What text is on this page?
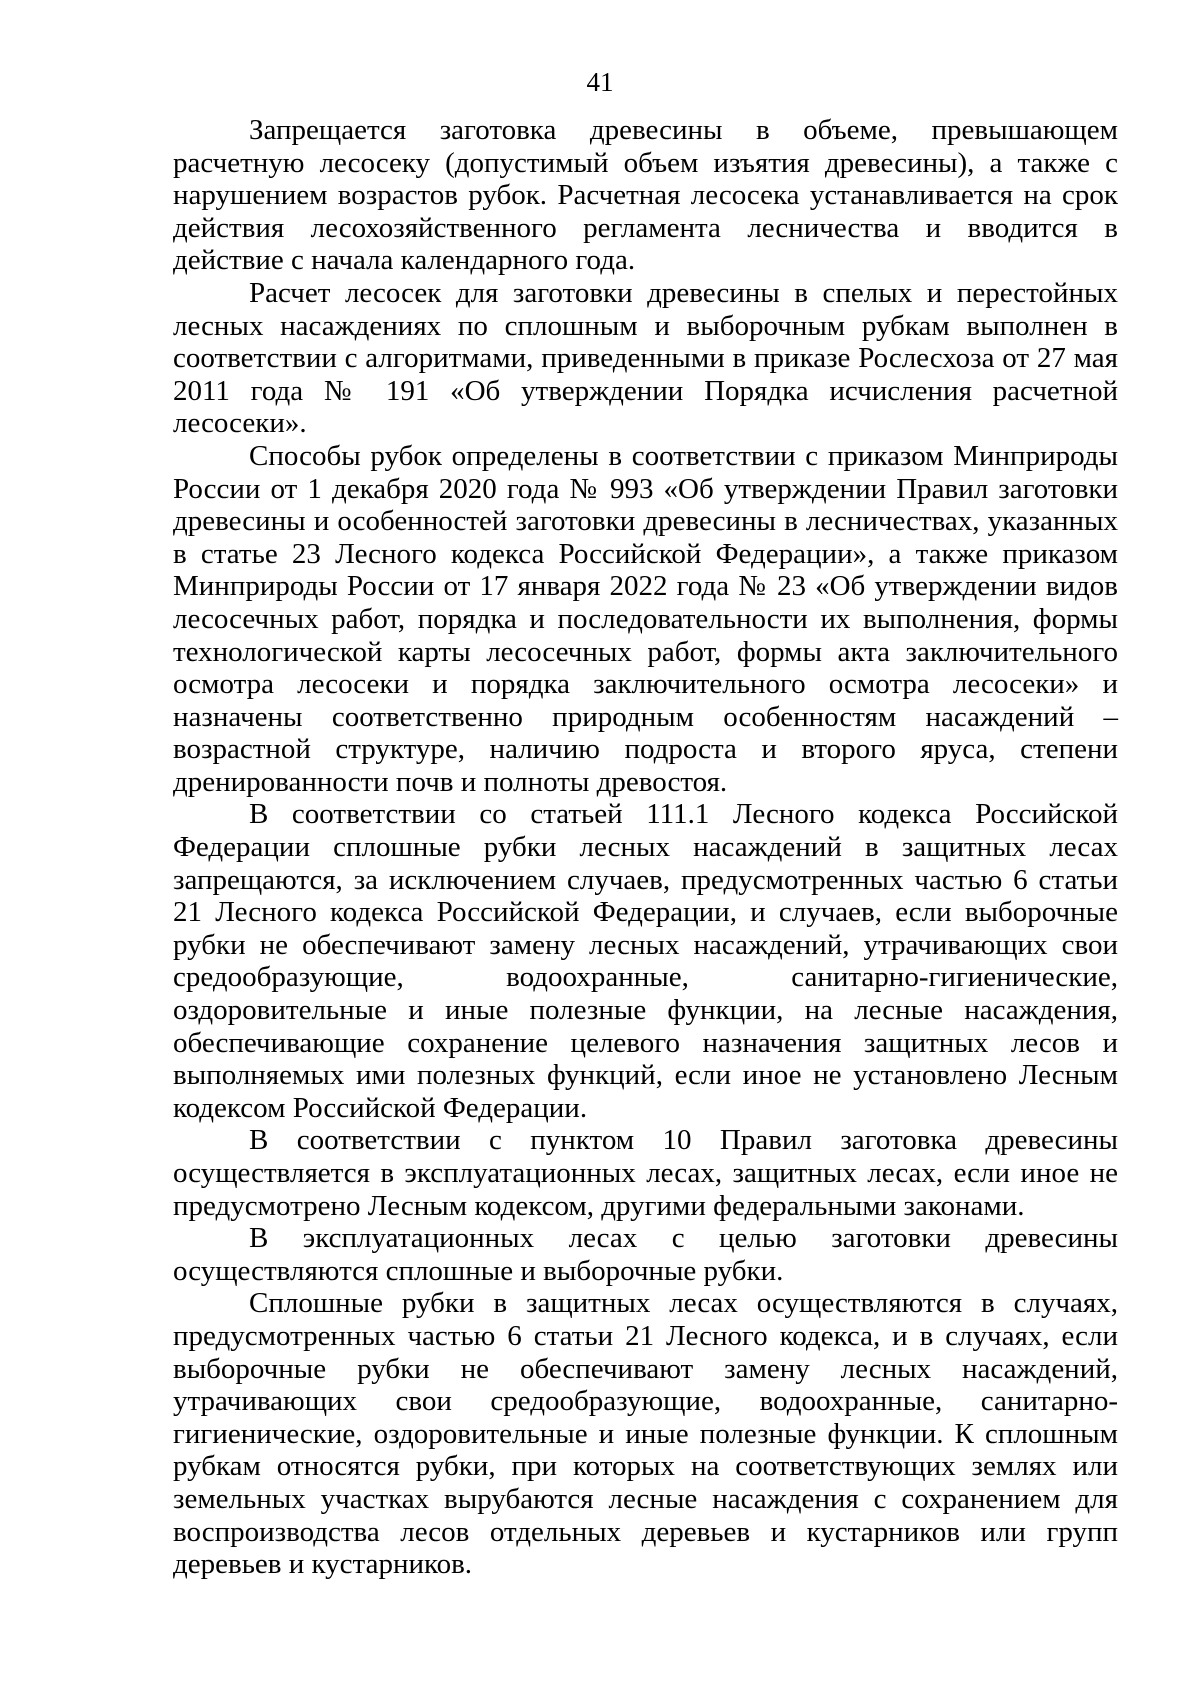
41

Запрещается заготовка древесины в объеме, превышающем расчетную лесосеку (допустимый объем изъятия древесины), а также с нарушением возрастов рубок. Расчетная лесосека устанавливается на срок действия лесохозяйственного регламента лесничества и вводится в действие с начала календарного года.

Расчет лесосек для заготовки древесины в спелых и перестойных лесных насаждениях по сплошным и выборочным рубкам выполнен в соответствии с алгоритмами, приведенными в приказе Рослесхоза от 27 мая 2011 года № 191 «Об утверждении Порядка исчисления расчетной лесосеки».

Способы рубок определены в соответствии с приказом Минприроды России от 1 декабря 2020 года № 993 «Об утверждении Правил заготовки древесины и особенностей заготовки древесины в лесничествах, указанных в статье 23 Лесного кодекса Российской Федерации», а также приказом Минприроды России от 17 января 2022 года № 23 «Об утверждении видов лесосечных работ, порядка и последовательности их выполнения, формы технологической карты лесосечных работ, формы акта заключительного осмотра лесосеки и порядка заключительного осмотра лесосеки» и назначены соответственно природным особенностям насаждений – возрастной структуре, наличию подроста и второго яруса, степени дренированности почв и полноты древостоя.

В соответствии со статьей 111.1 Лесного кодекса Российской Федерации сплошные рубки лесных насаждений в защитных лесах запрещаются, за исключением случаев, предусмотренных частью 6 статьи 21 Лесного кодекса Российской Федерации, и случаев, если выборочные рубки не обеспечивают замену лесных насаждений, утрачивающих свои средообразующие, водоохранные, санитарно-гигиенические, оздоровительные и иные полезные функции, на лесные насаждения, обеспечивающие сохранение целевого назначения защитных лесов и выполняемых ими полезных функций, если иное не установлено Лесным кодексом Российской Федерации.

В соответствии с пунктом 10 Правил заготовка древесины осуществляется в эксплуатационных лесах, защитных лесах, если иное не предусмотрено Лесным кодексом, другими федеральными законами.

В эксплуатационных лесах с целью заготовки древесины осуществляются сплошные и выборочные рубки.

Сплошные рубки в защитных лесах осуществляются в случаях, предусмотренных частью 6 статьи 21 Лесного кодекса, и в случаях, если выборочные рубки не обеспечивают замену лесных насаждений, утрачивающих свои средообразующие, водоохранные, санитарно-гигиенические, оздоровительные и иные полезные функции. К сплошным рубкам относятся рубки, при которых на соответствующих землях или земельных участках вырубаются лесные насаждения с сохранением для воспроизводства лесов отдельных деревьев и кустарников или групп деревьев и кустарников.
